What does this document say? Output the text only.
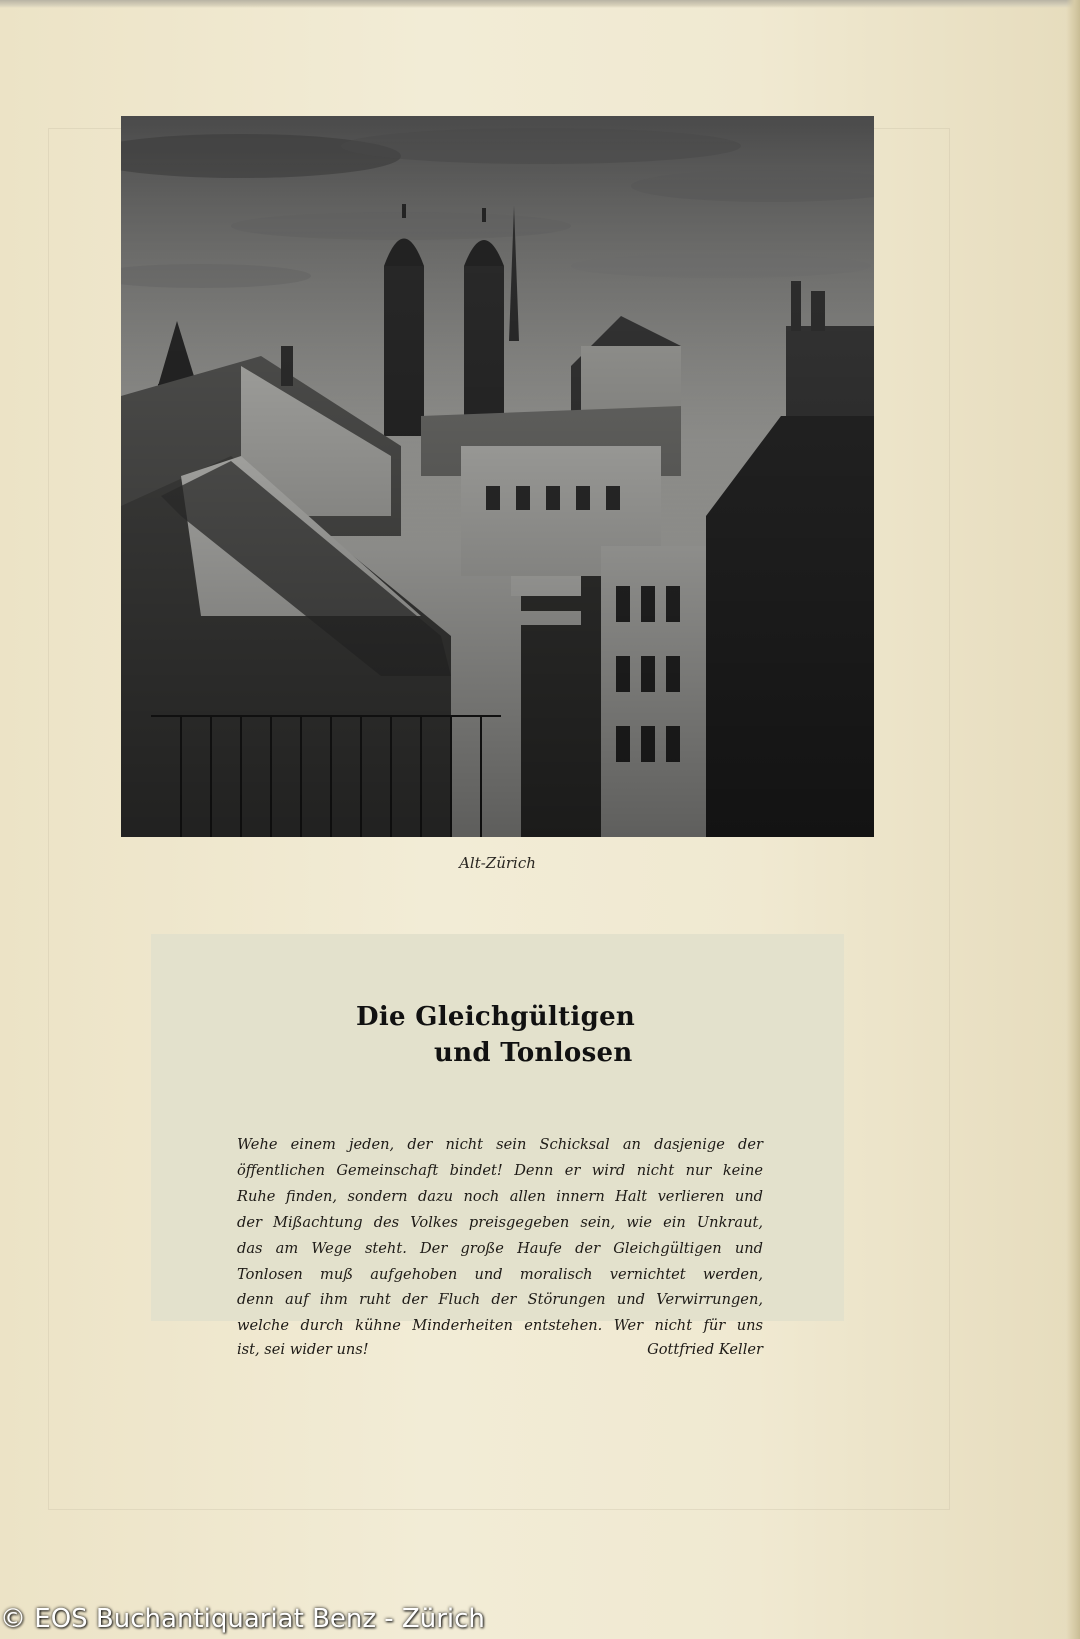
Alt-Zürich
Die Gleichgültigen
und Tonlosen
Wehe einem jeden, der nicht sein Schicksal an dasjenige der
öffentlichen Gemeinschaft bindet! Denn er wird nicht nur keine
Ruhe finden, sondern dazu noch allen innern Halt verlieren und
der Mißachtung des Volkes preisgegeben sein, wie ein Unkraut,
das am Wege steht. Der große Haufe der Gleichgültigen und
Tonlosen muß aufgehoben und moralisch vernichtet werden,
denn auf ihm ruht der Fluch der Störungen und Verwirrungen,
welche durch kühne Minderheiten entstehen. Wer nicht für uns
ist, sei wider uns!	Gottfried Keller
© EOS Buchantiquariat Benz - Zürich
